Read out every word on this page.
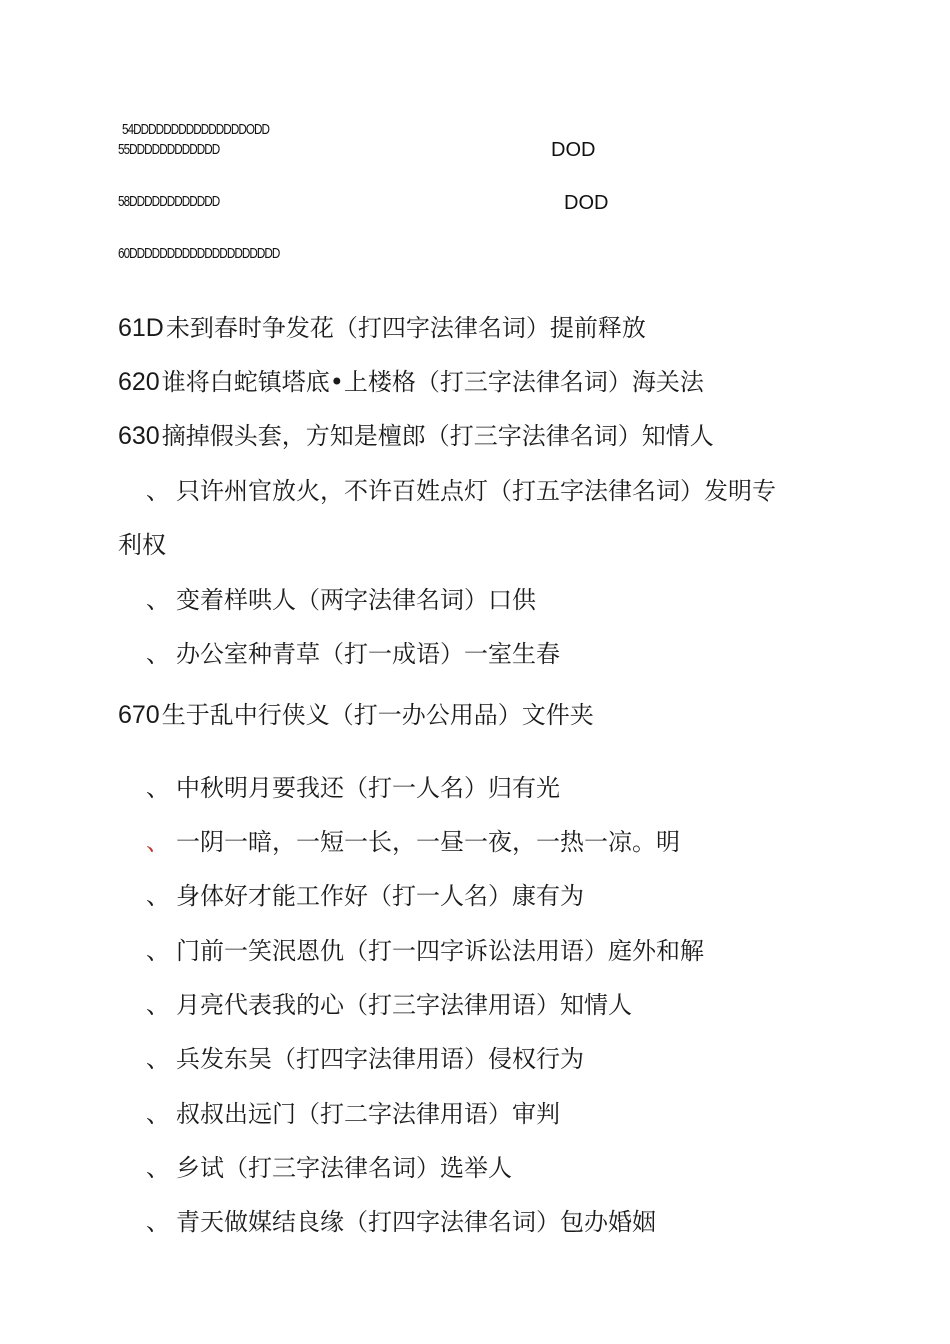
54DDDDDDDDDDDDDDDODD
55DDDDDDDDDDDD	DOD
58DDDDDDDDDDDD	DOD
60DDDDDDDDDDDDDDDDDDDD
61D未到春时争发花（打四字法律名词）提前释放
620谁将白蛇镇塔底•上楼格（打三字法律名词）海关法
630摘掉假头套，方知是檀郎（打三字法律名词）知情人
、 只许州官放火，不许百姓点灯（打五字法律名词）发明专
利权
、 变着样哄人（两字法律名词）口供
、 办公室种青草（打一成语）一室生春
670生于乱中行侠义（打一办公用品）文件夹
、 中秋明月要我还（打一人名）归有光
、 一阴一暗，一短一长，一昼一夜，一热一凉。明
、 身体好才能工作好（打一人名）康有为
、 门前一笑泯恩仇（打一四字诉讼法用语）庭外和解
、 月亮代表我的心（打三字法律用语）知情人
、 兵发东吴（打四字法律用语）侵权行为
、 叔叔出远门（打二字法律用语）审判
、 乡试（打三字法律名词）选举人
、 青天做媒结良缘（打四字法律名词）包办婚姻
